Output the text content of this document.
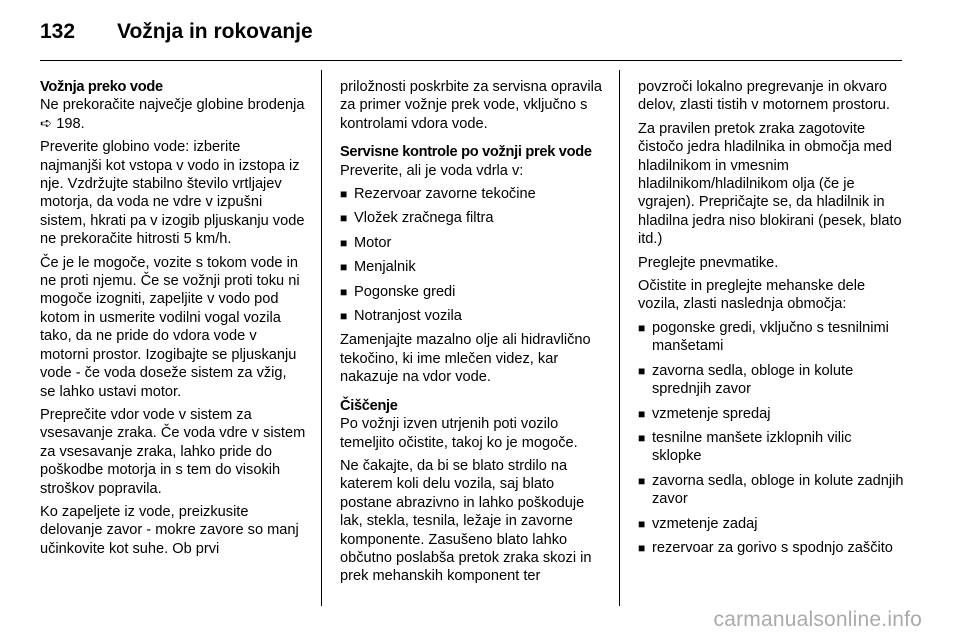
132 Vožnja in rokovanje

Vožnja preko vode

Ne prekoračite največje globine brodenja ➪ 198.

Preverite globino vode: izberite najmanjši kot vstopa v vodo in izstopa iz nje. Vzdržujte stabilno število vrtljajev motorja, da voda ne vdre v izpušni sistem, hkrati pa v izogib pljuskanju vode ne prekoračite hitrosti 5 km/h.

Če je le mogoče, vozite s tokom vode in ne proti njemu. Če se vožnji proti toku ni mogoče izogniti, zapeljite v vodo pod kotom in usmerite vodilni vogal vozila tako, da ne pride do vdora vode v motorni prostor. Izogibajte se pljuskanju vode - če voda doseže sistem za vžig, se lahko ustavi motor.

Preprečite vdor vode v sistem za vsesavanje zraka. Če voda vdre v sistem za vsesavanje zraka, lahko pride do poškodbe motorja in s tem do visokih stroškov popravila.

Ko zapeljete iz vode, preizkusite delovanje zavor - mokre zavore so manj učinkovite kot suhe. Ob prvi

priložnosti poskrbite za servisna opravila za primer vožnje prek vode, vključno s kontrolami vdora vode.

Servisne kontrole po vožnji prek vode

Preverite, ali je voda vdrla v:

■ Rezervoar zavorne tekočine
■ Vložek zračnega filtra
■ Motor
■ Menjalnik
■ Pogonske gredi
■ Notranjost vozila

Zamenjajte mazalno olje ali hidravlično tekočino, ki ime mlečen videz, kar nakazuje na vdor vode.

Čiščenje

Po vožnji izven utrjenih poti vozilo temeljito očistite, takoj ko je mogoče.

Ne čakajte, da bi se blato strdilo na katerem koli delu vozila, saj blato postane abrazivno in lahko poškoduje lak, stekla, tesnila, ležaje in zavorne komponente. Zasušeno blato lahko občutno poslabša pretok zraka skozi in prek mehanskih komponent ter

povzroči lokalno pregrevanje in okvaro delov, zlasti tistih v motornem prostoru.

Za pravilen pretok zraka zagotovite čistočo jedra hladilnika in območja med hladilnikom in vmesnim hladilnikom/hladilnikom olja (če je vgrajen). Prepričajte se, da hladilnik in hladilna jedra niso blokirani (pesek, blato itd.)

Preglejte pnevmatike.

Očistite in preglejte mehanske dele vozila, zlasti naslednja območja:

■ pogonske gredi, vključno s tesnilnimi manšetami
■ zavorna sedla, obloge in kolute sprednjih zavor
■ vzmetenje spredaj
■ tesnilne manšete izklopnih vilic sklopke
■ zavorna sedla, obloge in kolute zadnjih zavor
■ vzmetenje zadaj
■ rezervoar za gorivo s spodnjo zaščito
carmanualsonline.info
